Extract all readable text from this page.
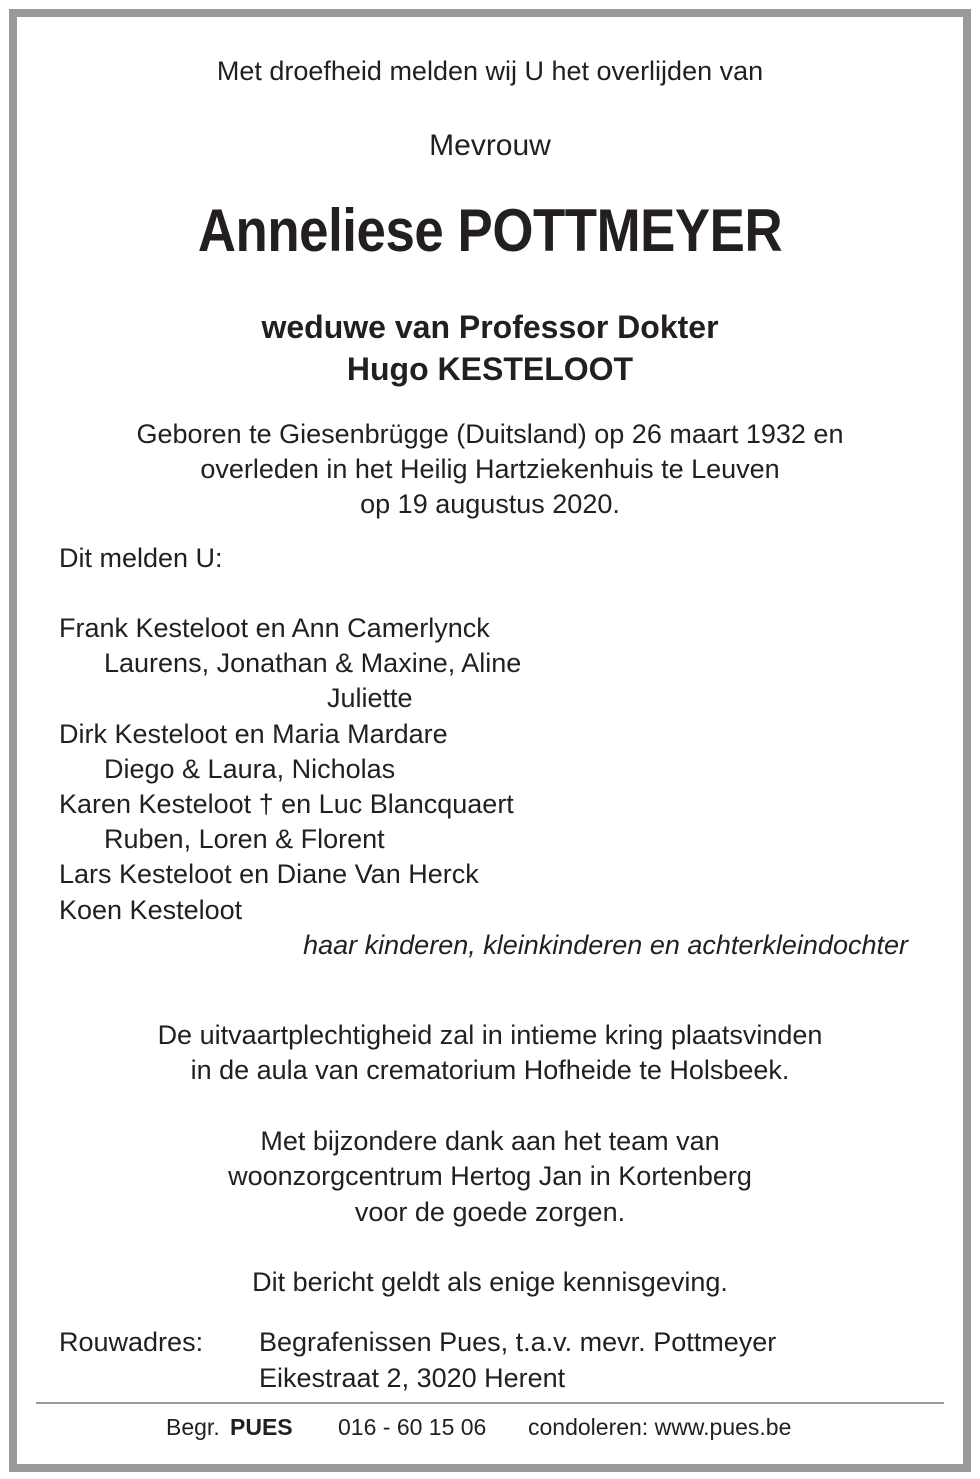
Met droefheid melden wij U het overlijden van
Mevrouw
Anneliese POTTMEYER
weduwe van Professor Dokter
Hugo KESTELOOT
Geboren te Giesenbrügge (Duitsland) op 26 maart 1932 en
overleden in het Heilig Hartziekenhuis te Leuven
op 19 augustus 2020.
Dit melden U:
Frank Kesteloot en Ann Camerlynck
Laurens, Jonathan & Maxine, Aline
Juliette
Dirk Kesteloot en Maria Mardare
Diego & Laura, Nicholas
Karen Kesteloot † en Luc Blancquaert
Ruben, Loren & Florent
Lars Kesteloot en Diane Van Herck
Koen Kesteloot
haar kinderen, kleinkinderen en achterkleindochter
De uitvaartplechtigheid zal in intieme kring plaatsvinden
in de aula van crematorium Hofheide te Holsbeek.
Met bijzondere dank aan het team van
woonzorgcentrum Hertog Jan in Kortenberg
voor de goede zorgen.
Dit bericht geldt als enige kennisgeving.
Rouwadres: Begrafenissen Pues, t.a.v. mevr. Pottmeyer
Eikestraat 2, 3020 Herent
Begr. PUES 016 - 60 15 06 condoleren: www.pues.be
